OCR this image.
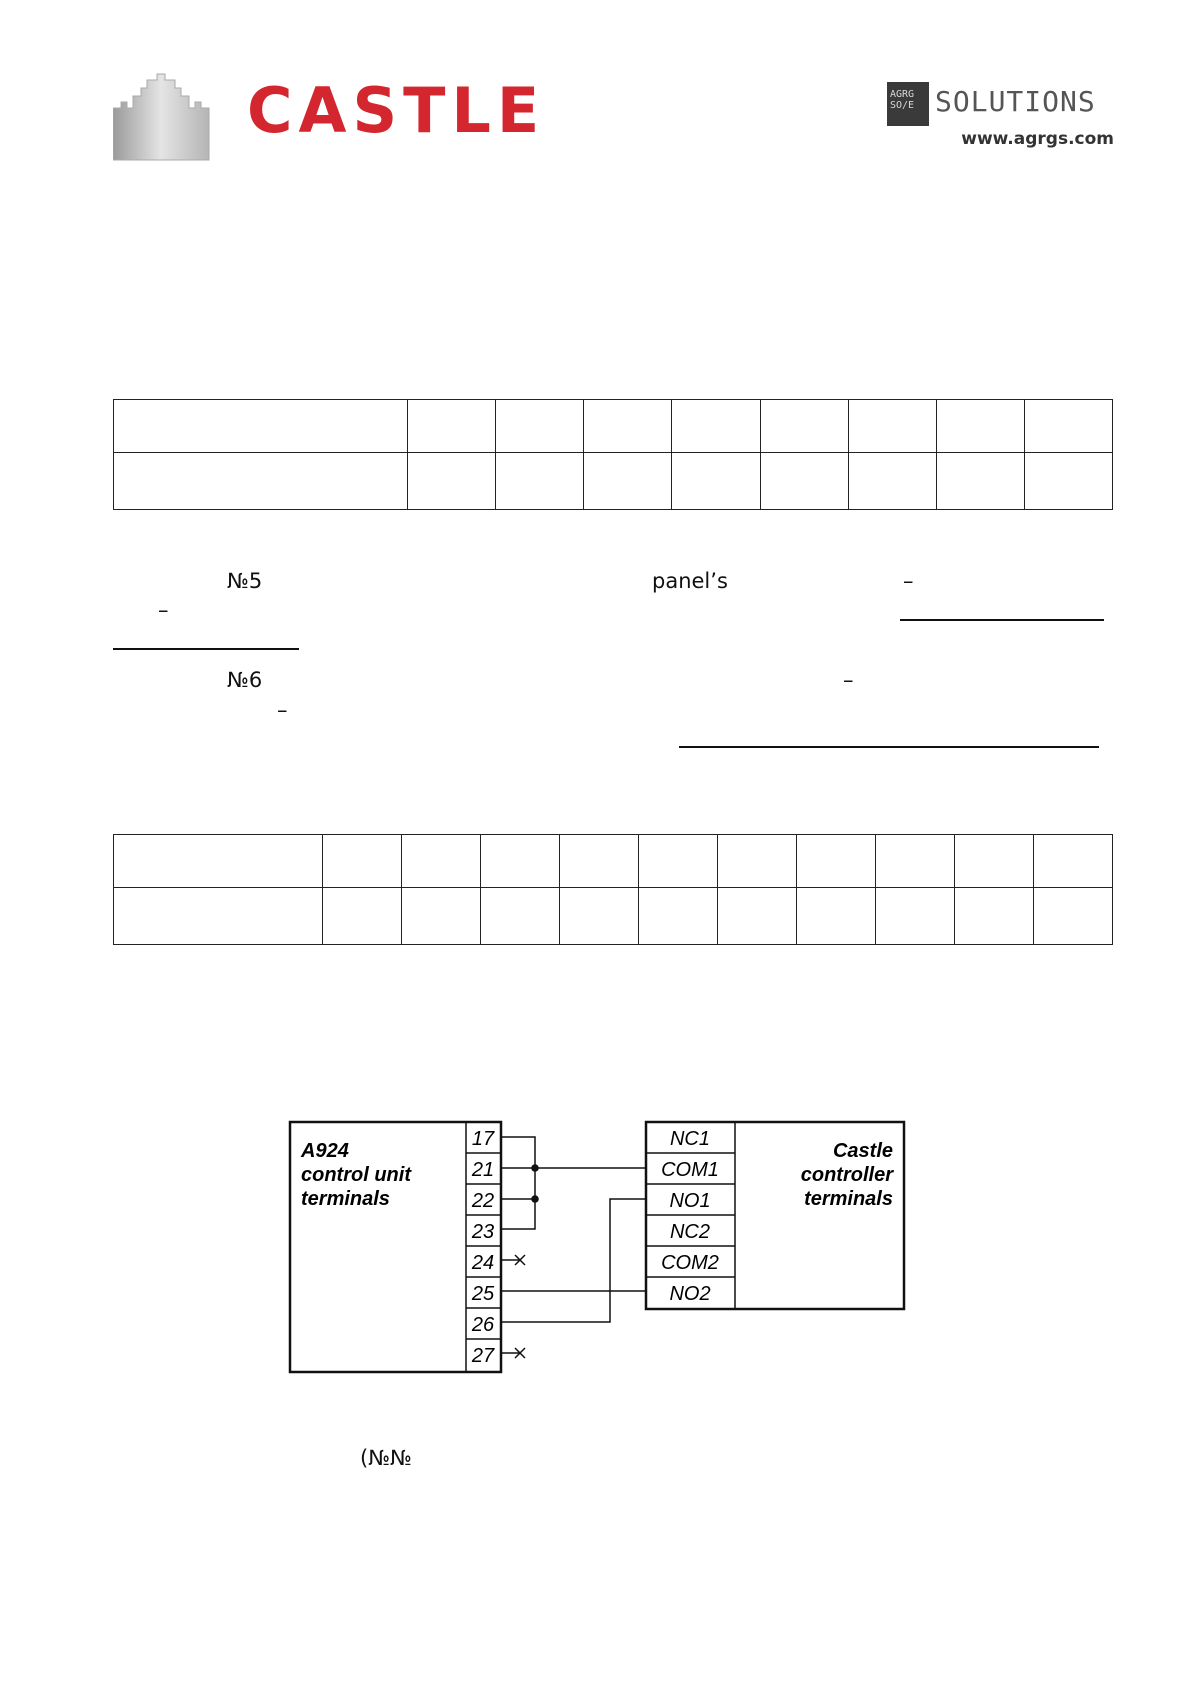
CASTLE	AGRG
SO/E SOLUTIONS
www.agrgs.com

№5	panel’s	–
–
№6	–
–

A924
control unit
terminals
17
21
22
23
24
25
26
27
Castle
controller
terminals
NC1
COM1
NO1
NC2
COM2
NO2
(№№
